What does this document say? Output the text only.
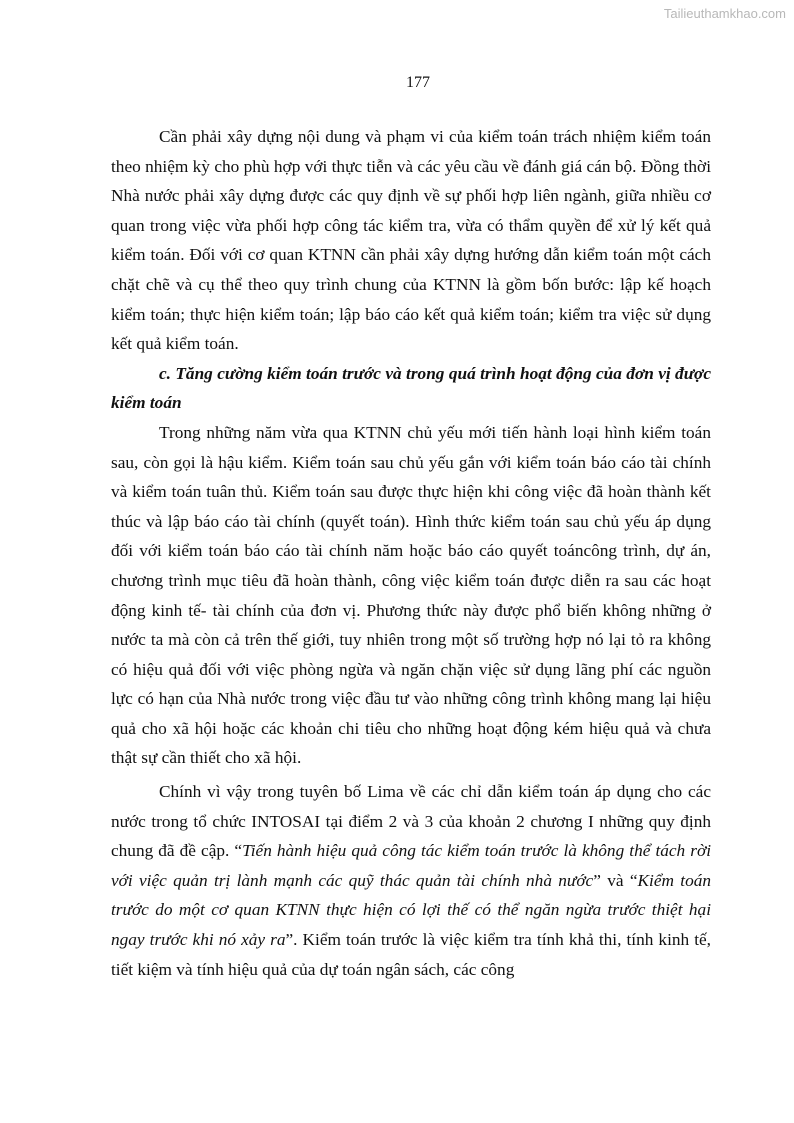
Tailieuthamkhao.com
177

Cần phải xây dựng nội dung và phạm vi của kiểm toán trách nhiệm kiểm toán theo nhiệm kỳ cho phù hợp với thực tiễn và các yêu cầu về đánh giá cán bộ. Đồng thời Nhà nước phải xây dựng được các quy định về sự phối hợp liên ngành, giữa nhiều cơ quan trong việc vừa phối hợp công tác kiểm tra, vừa có thẩm quyền để xử lý kết quả kiểm toán. Đối với cơ quan KTNN cần phải xây dựng hướng dẫn kiểm toán một cách chặt chẽ và cụ thể theo quy trình chung của KTNN là gồm bốn bước: lập kế hoạch kiểm toán; thực hiện kiểm toán; lập báo cáo kết quả kiểm toán; kiểm tra việc sử dụng kết quả kiểm toán.

c. Tăng cường kiểm toán trước và trong quá trình hoạt động của đơn vị được kiểm toán

Trong những năm vừa qua KTNN chủ yếu mới tiến hành loại hình kiểm toán sau, còn gọi là hậu kiểm. Kiểm toán sau chủ yếu gắn với kiểm toán báo cáo tài chính và kiểm toán tuân thủ. Kiểm toán sau được thực hiện khi công việc đã hoàn thành kết thúc và lập báo cáo tài chính (quyết toán). Hình thức kiểm toán sau chủ yếu áp dụng đối với kiểm toán báo cáo tài chính năm hoặc báo cáo quyết toáncông trình, dự án, chương trình mục tiêu đã hoàn thành, công việc kiểm toán được diễn ra sau các hoạt động kinh tế- tài chính của đơn vị. Phương thức này được phổ biến không những ở nước ta mà còn cả trên thế giới, tuy nhiên trong một số trường hợp nó lại tỏ ra không có hiệu quả đối với việc phòng ngừa và ngăn chặn việc sử dụng lãng phí các nguồn lực có hạn của Nhà nước trong việc đầu tư vào những công trình không mang lại hiệu quả cho xã hội hoặc các khoản chi tiêu cho những hoạt động kém hiệu quả và chưa thật sự cần thiết cho xã hội.

Chính vì vậy trong tuyên bố Lima về các chỉ dẫn kiểm toán áp dụng cho các nước trong tổ chức INTOSAI tại điểm 2 và 3 của khoản 2 chương I những quy định chung đã đề cập. “Tiến hành hiệu quả công tác kiểm toán trước là không thể tách rời với việc quản trị lành mạnh các quỹ thác quản tài chính nhà nước” và “Kiểm toán trước do một cơ quan KTNN thực hiện có lợi thế có thể ngăn ngừa trước thiệt hại ngay trước khi nó xảy ra”. Kiểm toán trước là việc kiểm tra tính khả thi, tính kinh tế, tiết kiệm và tính hiệu quả của dự toán ngân sách, các công
